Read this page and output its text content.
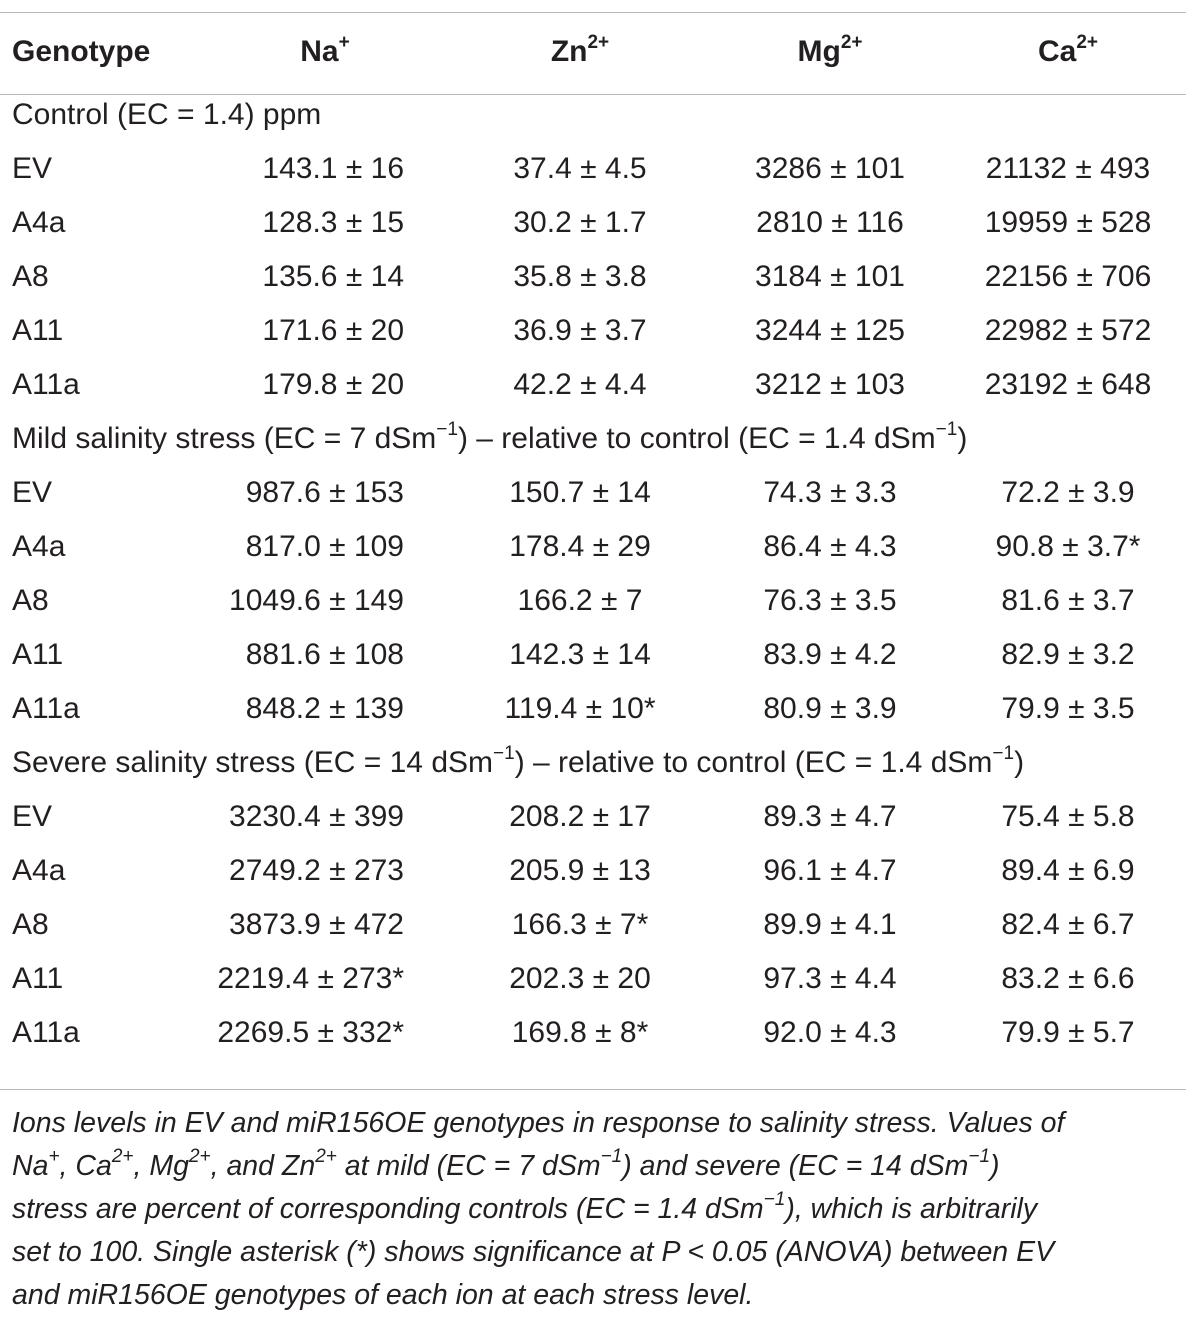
Genotype	Na+	$Zn^{2+}$	$Mg^{2+}$	$Ca^{2+}$
Control (EC = 1.4) ppm				
EV	143.1 ± 16	37.4 ± 4.5	3286 ± 101	21132 ± 493
A4a	128.3 ± 15	30.2 ± 1.7	2810 ± 116	19959 ± 528
A8	135.6 ± 14	35.8 ± 3.8	3184 ± 101	22156 ± 706
A11	171.6 ± 20	36.9 ± 3.7	3244 ± 125	22982 ± 572
A11a	179.8 ± 20	42.2 ± 4.4	3212 ± 103	23192 ± 648
Mild salinity stress (EC = 7 dSm$^{-1}$) – relative to control (EC = 1.4 dSm$^{-1}$)				
EV	987.6 ± 153	150.7 ± 14	74.3 ± 3.3	72.2 ± 3.9
A4a	817.0 ± 109	178.4 ± 29	86.4 ± 4.3	90.8 ± 3.7*
A8	1049.6 ± 149	166.2 ± 7	76.3 ± 3.5	81.6 ± 3.7
A11	881.6 ± 108	142.3 ± 14	83.9 ± 4.2	82.9 ± 3.2
A11a	848.2 ± 139	119.4 ± 10*	80.9 ± 3.9	79.9 ± 3.5
Severe salinity stress (EC = 14 dSm$^{-1}$) – relative to control (EC = 1.4 dSm$^{-1}$)				
EV	3230.4 ± 399	208.2 ± 17	89.3 ± 4.7	75.4 ± 5.8
A4a	2749.2 ± 273	205.9 ± 13	96.1 ± 4.7	89.4 ± 6.9
A8	3873.9 ± 472	166.3 ± 7*	89.9 ± 4.1	82.4 ± 6.7
A11	2219.4 ± 273*	202.3 ± 20	97.3 ± 4.4	83.2 ± 6.6
A11a	2269.5 ± 332*	169.8 ± 8*	92.0 ± 4.3	79.9 ± 5.7
Ions levels in EV and miR156OE genotypes in response to salinity stress. Values of
Na+, $Ca^{2+}$, $Mg^{2+}$, and $Zn^{2+}$ at mild (EC = 7 dSm$^{-1}$) and severe (EC = 14 dSm$^{-1}$)
stress are percent of corresponding controls (EC = 1.4 dSm$^{-1}$), which is arbitrarily
set to 100. Single asterisk (*) shows significance at P < 0.05 (ANOVA) between EV
and miR156OE genotypes of each ion at each stress level.
